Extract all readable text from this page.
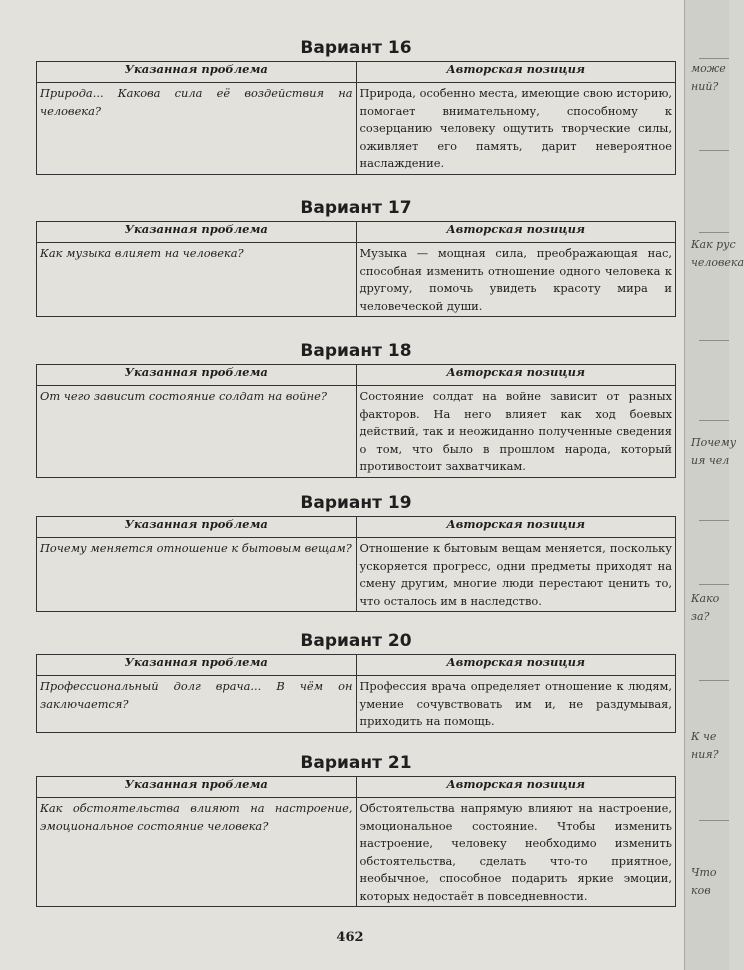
Вариант 16
Указанная проблема	Авторская позиция
Природа... Какова сила её воздействия на человека?	Природа, особенно места, имеющие свою историю, помогает внимательному, способному к созерцанию человеку ощутить творческие силы, оживляет его память, дарит невероятное наслаждение.
Вариант 17
Указанная проблема	Авторская позиция
Как музыка влияет на человека?	Музыка — мощная сила, преображающая нас, способная изменить отношение одного человека к другому, помочь увидеть красоту мира и человеческой души.
Вариант 18
Указанная проблема	Авторская позиция
От чего зависит состояние солдат на войне?	Состояние солдат на войне зависит от разных факторов. На него влияет как ход боевых действий, так и неожиданно полученные сведения о том, что было в прошлом народа, который противостоит захватчикам.
Вариант 19
Указанная проблема	Авторская позиция
Почему меняется отношение к бытовым вещам?	Отношение к бытовым вещам меняется, поскольку ускоряется прогресс, одни предметы приходят на смену другим, многие люди перестают ценить то, что осталось им в наследство.
Вариант 20
Указанная проблема	Авторская позиция
Профессиональный долг врача... В чём он заключается?	Профессия врача определяет отношение к людям, умение сочувствовать им и, не раздумывая, приходить на помощь.
Вариант 21
Указанная проблема	Авторская позиция
Как обстоятельства влияют на настроение, эмоциональное состояние человека?	Обстоятельства напрямую влияют на настроение, эмоциональное состояние. Чтобы изменить настроение, человеку необходимо изменить обстоятельства, сделать что-то приятное, необычное, способное подарить яркие эмоции, которых недостаёт в повседневности.
462
може
ний?
Как рус
человека
Почему
ия чел
Како
за?
К че
ния?
Что
ков
